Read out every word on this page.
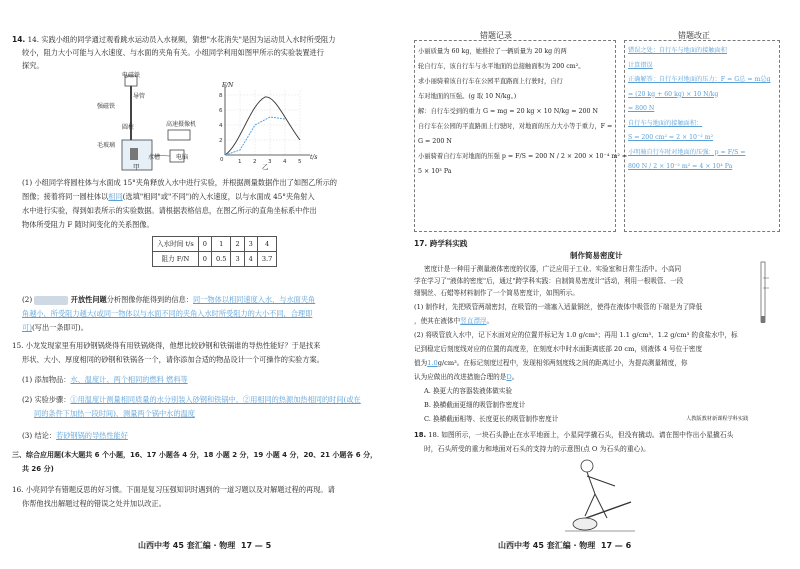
14. 14. 实践小组的同学通过观看跳水运动员入水视频，猜想"水花消失"是因为运动员入水时所受阻力
较小，阻力大小可能与入水速度、与水面的夹角有关。小组同学利用如图甲所示的实验装置进行
探究。
电磁铁
导管
强磁铁
高速摄像机
圆柱
毛玻璃
水槽	电脑
甲
0	1 2 3 4 5
2
4
6
8
F/N
t/s
乙
(1) 小组同学将圆柱体与水面成 15°夹角释放入水中进行实验，并根据测量数据作出了如图乙所示的
图像；接着将同一圆柱体以相同(选填"相同"或"不同")的入水速度，以与水面成 45°夹角射入
水中进行实验，得到如表所示的实验数据。请根据表格信息，在图乙所示的直角坐标系中作出
物体所受阻力 F 随时间变化的关系图像。
入水时间 t/s	0	1	2	3	4
阻力 F/N	0	0.5	3	4	3.7
(2)	开放性问题分析图像你能得到的信息：同一物体以相同速度入水，与水面夹角
角越小，所受阻力越大(或同一物体以与水面不同的夹角入水时所受阻力的大小不同，合理即
可)(写出一条即可)。
15. 小龙发现家里有用砂钢锅烧得有用铁锅烧得，他想比较砂钢和铁锅谁的导热性能好？于是找来
形状、大小、厚度相同的砂钢和铁锅各一个，请你添加合适的物品设计一个可操作的实验方案。
(1) 添加物品：水、温度计、两个相同的燃料 燃料等
(2) 实验步骤：①用温度计测量相同质量的水分别装入砂钢和铁锅中，②用相同的热源加热相同的时间(或在
同的条件下加热一段时间)，测量两个锅中水的温度
(3) 结论：若砂钢锅的导热性能好
三、综合应用题(本大题共 6 个小题，16、17 小题各 4 分，18 小题 2 分，19 小题 4 分，20、21 小题各 6 分，
共 26 分)
16. 小亮同学有错题反思的好习惯。下面是复习压强知识时遇到的一道习题以及对解题过程的再现。请
你帮他找出解题过程的错误之处并加以改正。
山西中考 45 套汇编 · 物理 17 — 5
错题记录	错题改正
小丽质量为 60 kg，她推拉了一辆质量为 20 kg 的两
轮自行车，该自行车与水平地面的总接触面积为 200 cm²。
求小丽骑着该自行车在公园平直路面上行驶时，自行
车对地面的压强。(g 取 10 N/kg。)
解：自行车受到的重力 G = mg = 20 kg × 10 N/kg = 200 N
自行车在公园的平直路面上行驶时，对地面的压力大小等于重力，F =
G = 200 N
小丽骑着自行车对地面的压强 p = F/S = 200 N / 2 × 200 × 10⁻⁴ m² =
5 × 10³ Pa
错误之处：自行车与地面的接触面积
计算错误
正确解答：自行车对地面的压力：F = G总 = m总g
= (20 kg + 60 kg) × 10 N/kg
= 800 N
自行车与地面的接触面积：
S = 200 cm² = 2 × 10⁻² m²
小明骑自行车时对地面的压强：p = F/S =
800 N / 2 × 10⁻² m² = 4 × 10⁴ Pa
17. 跨学科实践
制作简易密度计
密度计是一种用于测量液体密度的仪器，广泛应用于工业、实验室和日常生活中。小高同
学在学习了"液体的密度"后，通过"跨学科实践：自制简易密度计"活动，利用一根吸管、一段
细铜丝、石蜡等材料制作了一个简易密度计，如图所示。
(1) 制作时，先把吸管两端密封，在吸管的一端塞入适量铜丝，使得在液体中吸管的下端是为了降低
，使其在液体中竖直漂浮。
(2) 将吸管放入水中，记下水面对应的位置并标记为 1.0 g/cm³；再用 1.1 g/cm³、1.2 g/cm³ 的食盐水中，标
记到稳定后刻度线对应的位置的高度差，在刻度水中时水面距离底部 20 cm，则液体 4 号位于密度
值为1.0g/cm³。在标记刻度过程中，发现相邻两刻度线之间的距离过小，为提高测量精度，你
认为应做出的改进措施合理的是D。
A. 换更大的容器装液体做实验
B. 换横截面更细的吸管制作密度计
C. 换横截面相等、长度更长的吸管制作密度计	人教版教材新课程学科实践
18. 18. 如图所示，一块石头静止在水平地面上，小星同学撬石头，但没有撬动。请在图中作出小星撬石头
时，石头所受的重力和地面对石头的支持力的示意图(点 O 为石头的重心)。
山西中考 45 套汇编 · 物理 17 — 6
